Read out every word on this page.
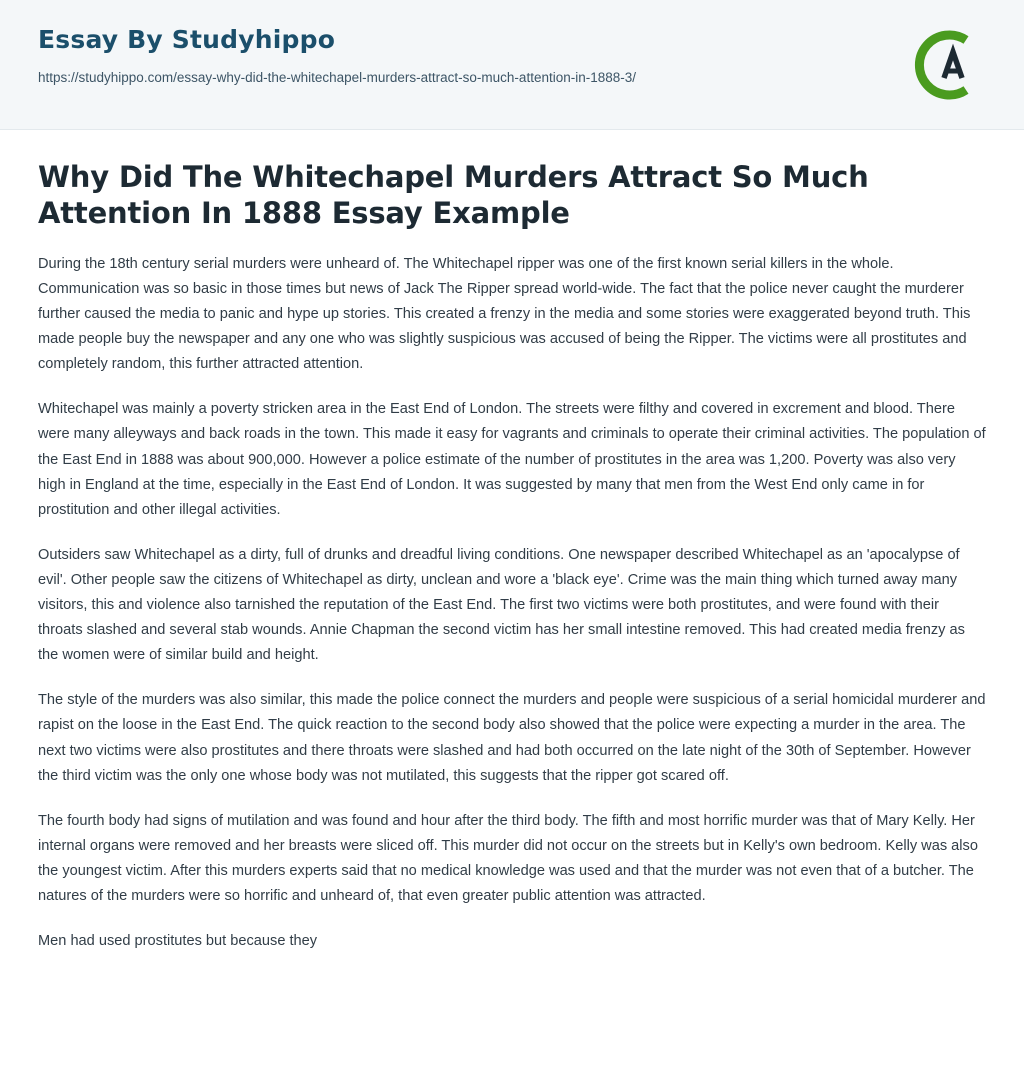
Essay By Studyhippo
https://studyhippo.com/essay-why-did-the-whitechapel-murders-attract-so-much-attention-in-1888-3/
Why Did The Whitechapel Murders Attract So Much Attention In 1888 Essay Example

During the 18th century serial murders were unheard of. The Whitechapel ripper was one of the first known serial killers in the whole. Communication was so basic in those times but news of Jack The Ripper spread world-wide. The fact that the police never caught the murderer further caused the media to panic and hype up stories. This created a frenzy in the media and some stories were exaggerated beyond truth. This made people buy the newspaper and any one who was slightly suspicious was accused of being the Ripper. The victims were all prostitutes and completely random, this further attracted attention.

Whitechapel was mainly a poverty stricken area in the East End of London. The streets were filthy and covered in excrement and blood. There were many alleyways and back roads in the town. This made it easy for vagrants and criminals to operate their criminal activities. The population of the East End in 1888 was about 900,000. However a police estimate of the number of prostitutes in the area was 1,200. Poverty was also very high in England at the time, especially in the East End of London. It was suggested by many that men from the West End only came in for prostitution and other illegal activities.

Outsiders saw Whitechapel as a dirty, full of drunks and dreadful living conditions. One newspaper described Whitechapel as an 'apocalypse of evil'. Other people saw the citizens of Whitechapel as dirty, unclean and wore a 'black eye'. Crime was the main thing which turned away many visitors, this and violence also tarnished the reputation of the East End. The first two victims were both prostitutes, and were found with their throats slashed and several stab wounds. Annie Chapman the second victim has her small intestine removed. This had created media frenzy as the women were of similar build and height.

The style of the murders was also similar, this made the police connect the murders and people were suspicious of a serial homicidal murderer and rapist on the loose in the East End. The quick reaction to the second body also showed that the police were expecting a murder in the area. The next two victims were also prostitutes and there throats were slashed and had both occurred on the late night of the 30th of September. However the third victim was the only one whose body was not mutilated, this suggests that the ripper got scared off.

The fourth body had signs of mutilation and was found and hour after the third body. The fifth and most horrific murder was that of Mary Kelly. Her internal organs were removed and her breasts were sliced off. This murder did not occur on the streets but in Kelly's own bedroom. Kelly was also the youngest victim. After this murders experts said that no medical knowledge was used and that the murder was not even that of a butcher. The natures of the murders were so horrific and unheard of, that even greater public attention was attracted.

Men had used prostitutes but because they
